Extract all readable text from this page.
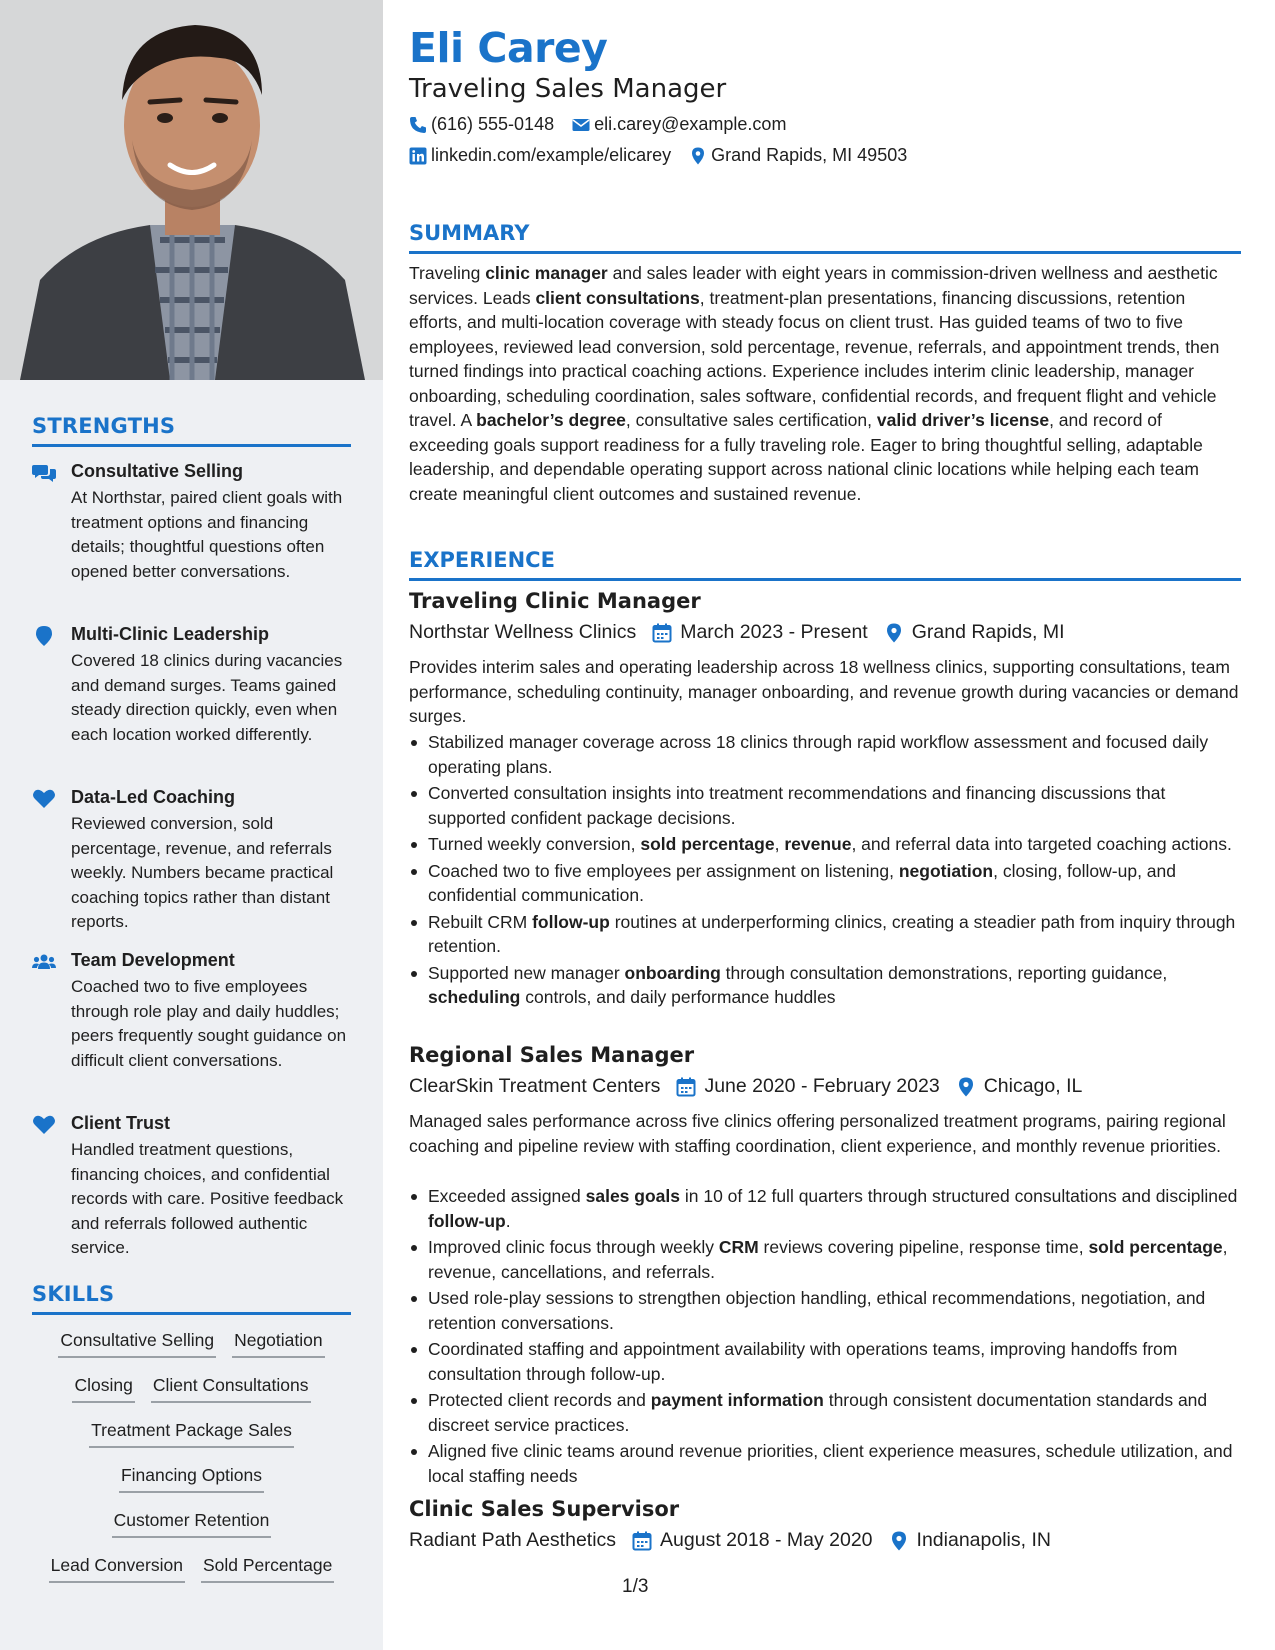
STRENGTHS
Consultative Selling
At Northstar, paired client goals with treatment options and financing details; thoughtful questions often opened better conversations.
Multi-Clinic Leadership
Covered 18 clinics during vacancies and demand surges. Teams gained steady direction quickly, even when each location worked differently.
Data-Led Coaching
Reviewed conversion, sold percentage, revenue, and referrals weekly. Numbers became practical coaching topics rather than distant reports.
Team Development
Coached two to five employees through role play and daily huddles; peers frequently sought guidance on difficult client conversations.
Client Trust
Handled treatment questions, financing choices, and confidential records with care. Positive feedback and referrals followed authentic service.
SKILLS
Consultative Selling Negotiation
Closing Client Consultations
Treatment Package Sales
Financing Options
Customer Retention
Lead Conversion Sold Percentage
Eli Carey
Traveling Sales Manager
(616) 555-0148 eli.carey@example.com
linkedin.com/example/elicarey Grand Rapids, MI 49503
SUMMARY
Traveling clinic manager and sales leader with eight years in commission-driven wellness and aesthetic services. Leads client consultations, treatment-plan presentations, financing discussions, retention efforts, and multi-location coverage with steady focus on client trust. Has guided teams of two to five employees, reviewed lead conversion, sold percentage, revenue, referrals, and appointment trends, then turned findings into practical coaching actions. Experience includes interim clinic leadership, manager onboarding, scheduling coordination, sales software, confidential records, and frequent flight and vehicle travel. A bachelor’s degree, consultative sales certification, valid driver’s license, and record of exceeding goals support readiness for a fully traveling role. Eager to bring thoughtful selling, adaptable leadership, and dependable operating support across national clinic locations while helping each team create meaningful client outcomes and sustained revenue.
EXPERIENCE
Traveling Clinic Manager
Northstar Wellness Clinics March 2023 - Present Grand Rapids, MI
Provides interim sales and operating leadership across 18 wellness clinics, supporting consultations, team performance, scheduling continuity, manager onboarding, and revenue growth during vacancies or demand surges.
Stabilized manager coverage across 18 clinics through rapid workflow assessment and focused daily operating plans.
Converted consultation insights into treatment recommendations and financing discussions that supported confident package decisions.
Turned weekly conversion, sold percentage, revenue, and referral data into targeted coaching actions.
Coached two to five employees per assignment on listening, negotiation, closing, follow-up, and confidential communication.
Rebuilt CRM follow-up routines at underperforming clinics, creating a steadier path from inquiry through retention.
Supported new manager onboarding through consultation demonstrations, reporting guidance, scheduling controls, and daily performance huddles
Regional Sales Manager
ClearSkin Treatment Centers June 2020 - February 2023 Chicago, IL
Managed sales performance across five clinics offering personalized treatment programs, pairing regional coaching and pipeline review with staffing coordination, client experience, and monthly revenue priorities.
Exceeded assigned sales goals in 10 of 12 full quarters through structured consultations and disciplined follow-up.
Improved clinic focus through weekly CRM reviews covering pipeline, response time, sold percentage, revenue, cancellations, and referrals.
Used role-play sessions to strengthen objection handling, ethical recommendations, negotiation, and retention conversations.
Coordinated staffing and appointment availability with operations teams, improving handoffs from consultation through follow-up.
Protected client records and payment information through consistent documentation standards and discreet service practices.
Aligned five clinic teams around revenue priorities, client experience measures, schedule utilization, and local staffing needs
Clinic Sales Supervisor
Radiant Path Aesthetics August 2018 - May 2020 Indianapolis, IN
1/3
